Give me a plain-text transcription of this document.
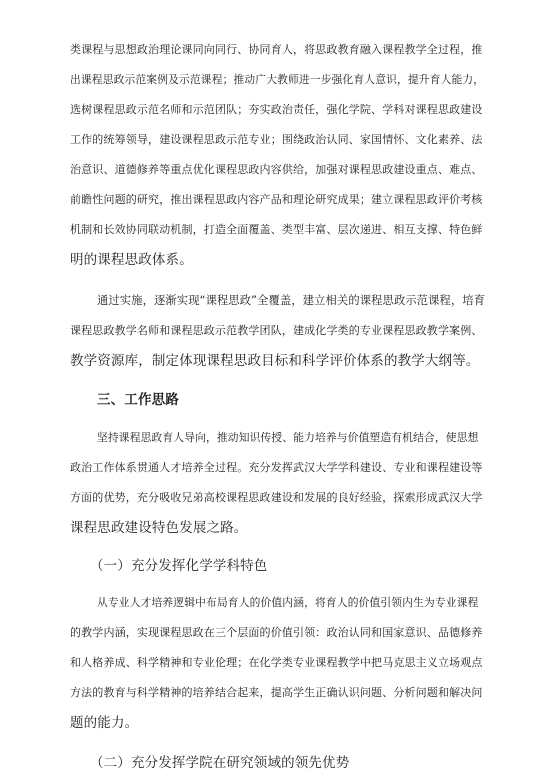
类课程与思想政治理论课同向同行、协同育人，将思政教育融入课程教学全过程，推
出课程思政示范案例及示范课程；推动广大教师进一步强化育人意识，提升育人能力，
选树课程思政示范名师和示范团队；夯实政治责任，强化学院、学科对课程思政建设
工作的统筹领导，建设课程思政示范专业；围绕政治认同、家国情怀、文化素养、法
治意识、道德修养等重点优化课程思政内容供给，加强对课程思政建设重点、难点、
前瞻性问题的研究，推出课程思政内容产品和理论研究成果；建立课程思政评价考核
机制和长效协同联动机制，打造全面覆盖、类型丰富、层次递进、相互支撑、特色鲜
明的课程思政体系。
通过实施，逐渐实现“课程思政”全覆盖，建立相关的课程思政示范课程，培育
课程思政教学名师和课程思政示范教学团队，建成化学类的专业课程思政教学案例、
教学资源库，制定体现课程思政目标和科学评价体系的教学大纲等。
三、工作思路
坚持课程思政育人导向，推动知识传授、能力培养与价值塑造有机结合，使思想
政治工作体系贯通人才培养全过程。充分发挥武汉大学学科建设、专业和课程建设等
方面的优势，充分吸收兄弟高校课程思政建设和发展的良好经验，探索形成武汉大学
课程思政建设特色发展之路。
（一）充分发挥化学学科特色
从专业人才培养逻辑中布局育人的价值内涵，将育人的价值引领内生为专业课程
的教学内涵，实现课程思政在三个层面的价值引领：政治认同和国家意识、品德修养
和人格养成、科学精神和专业伦理；在化学类专业课程教学中把马克思主义立场观点
方法的教育与科学精神的培养结合起来，提高学生正确认识问题、分析问题和解决问
题的能力。
（二）充分发挥学院在研究领域的领先优势
